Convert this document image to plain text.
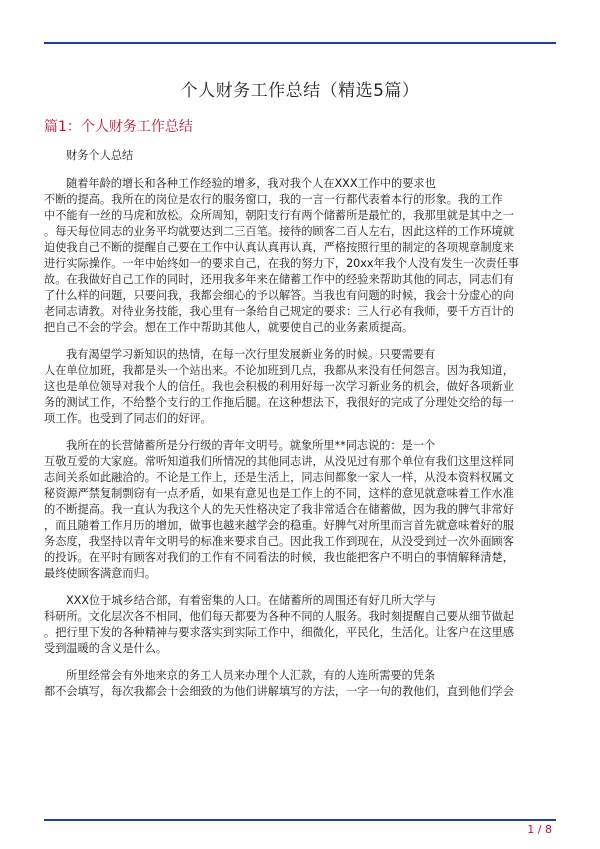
个人财务工作总结（精选5篇）
篇1：个人财务工作总结
财务个人总结
随着年龄的增长和各种工作经验的增多，我对我个人在XXX工作中的要求也
不断的提高。我所在的岗位是农行的服务窗口，我的一言一行都代表着本行的形象。我的工作
中不能有一丝的马虎和放松。众所周知，朝阳支行有两个储蓄所是最忙的，我那里就是其中之一
。每天每位同志的业务平均就要达到二三百笔。接待的顾客二百人左右，因此这样的工作环境就
迫使我自己不断的提醒自己要在工作中认真认真再认真，严格按照行里的制定的各项规章制度来
进行实际操作。一年中始终如一的要求自己，在我的努力下，20xx年我个人没有发生一次责任事
故。在我做好自己工作的同时，还用我多年来在储蓄工作中的经验来帮助其他的同志，同志们有
了什么样的问题，只要问我，我都会细心的予以解答。当我也有问题的时候，我会十分虚心的向
老同志请教。对待业务技能，我心里有一条给自己规定的要求：三人行必有我师，要千方百计的
把自己不会的学会。想在工作中帮助其他人，就要使自己的业务素质提高。
我有渴望学习新知识的热情，在每一次行里发展新业务的时候。只要需要有
人在单位加班，我都是头一个站出来。不论加班到几点，我都从来没有任何怨言。因为我知道，
这也是单位领导对我个人的信任。我也会积极的利用好每一次学习新业务的机会，做好各项新业
务的测试工作，不给整个支行的工作拖后腿。在这种想法下，我很好的完成了分理处交给的每一
项工作。也受到了同志们的好评。
我所在的长营储蓄所是分行级的青年文明号。就象所里**同志说的：是一个
互敬互爱的大家庭。常听知道我们所情况的其他同志讲，从没见过有那个单位有我们这里这样同
志间关系如此融洽的。不论是工作上，还是生活上，同志间都象一家人一样，从没本资料权属文
秘资源严禁复制剽窃有一点矛盾，如果有意见也是工作上的不同，这样的意见就意味着工作水准
的不断提高。我一直认为我这个人的先天性格决定了我非常适合在储蓄做，因为我的脾气非常好
，而且随着工作月历的增加，做事也越来越学会的稳重。好脾气对所里而言首先就意味着好的服
务态度，我坚持以青年文明号的标准来要求自己。因此我工作到现在，从没受到过一次外面顾客
的投诉。在平时有顾客对我们的工作有不同看法的时候，我也能把客户不明白的事情解释清楚，
最终使顾客满意而归。
XXX位于城乡结合部，有着密集的人口。在储蓄所的周围还有好几所大学与
科研所。文化层次各不相同，他们每天都要为各种不同的人服务。我时刻提醒自己要从细节做起
。把行里下发的各种精神与要求落实到实际工作中，细微化，平民化，生活化。让客户在这里感
受到温暖的含义是什么。
所里经常会有外地来京的务工人员来办理个人汇款，有的人连所需要的凭条
都不会填写，每次我都会十会细致的为他们讲解填写的方法，一字一句的教他们，直到他们学会
1 / 8
